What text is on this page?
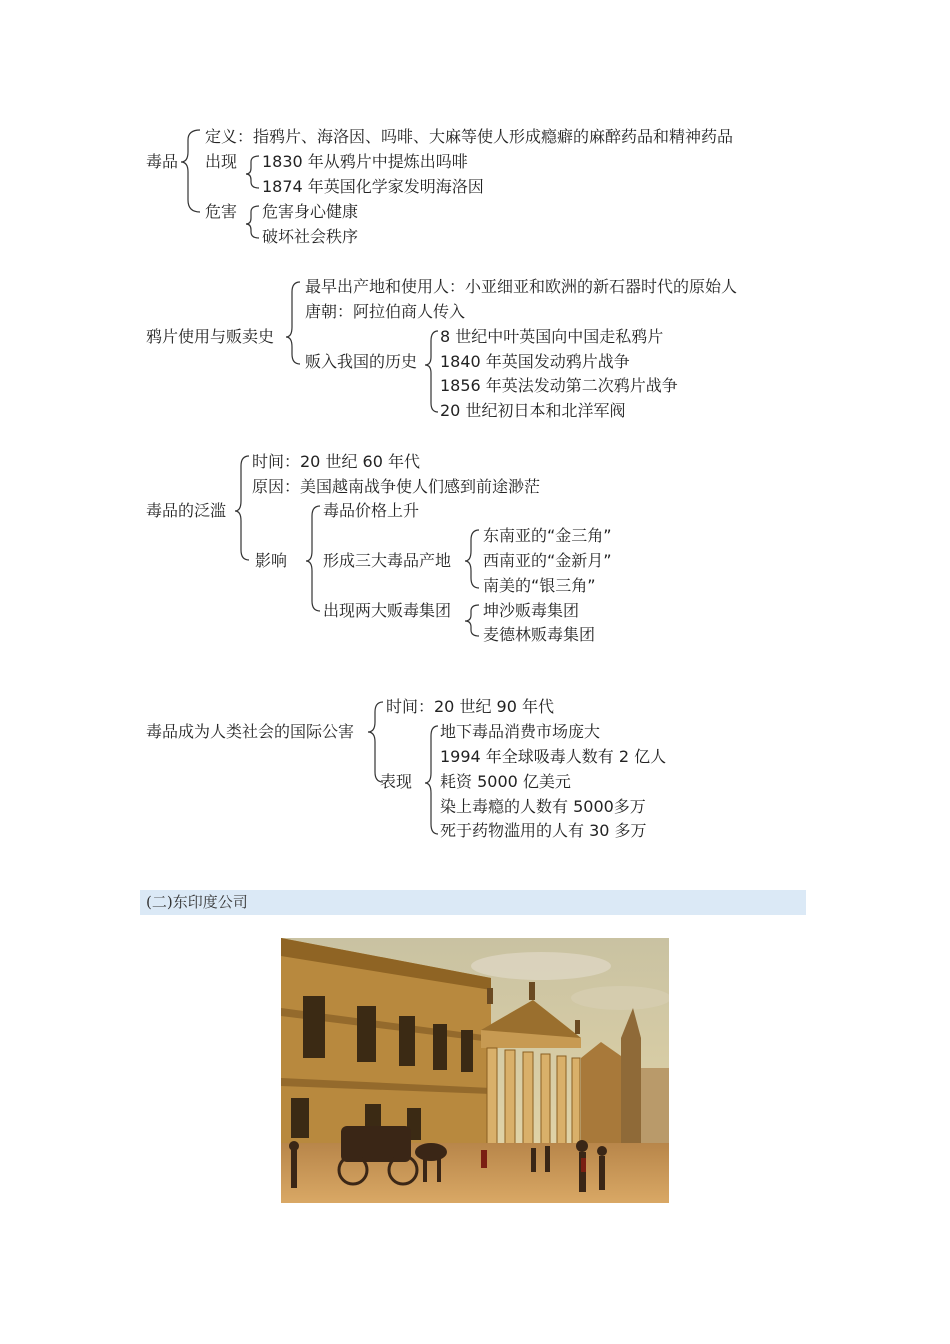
毒品
定义：指鸦片、海洛因、吗啡、大麻等使人形成瘾癖的麻醉药品和精神药品
出现 1830 年从鸦片中提炼出吗啡
1874 年英国化学家发明海洛因
危害 危害身心健康
破坏社会秩序
鸦片使用与贩卖史
最早出产地和使用人：小亚细亚和欧洲的新石器时代的原始人
唐朝：阿拉伯商人传入
贩入我国的历史
8 世纪中叶英国向中国走私鸦片
1840 年英国发动鸦片战争
1856 年英法发动第二次鸦片战争
20 世纪初日本和北洋军阀
毒品的泛滥
时间：20 世纪 60 年代
原因：美国越南战争使人们感到前途渺茫
影响
毒品价格上升
形成三大毒品产地
东南亚的“金三角”
西南亚的“金新月”
南美的“银三角”
出现两大贩毒集团 坤沙贩毒集团
麦德林贩毒集团
毒品成为人类社会的国际公害
时间：20 世纪 90 年代
表现
地下毒品消费市场庞大
1994 年全球吸毒人数有 2 亿人
耗资 5000 亿美元
染上毒瘾的人数有 5000多万
死于药物滥用的人有 30 多万
(二)东印度公司
